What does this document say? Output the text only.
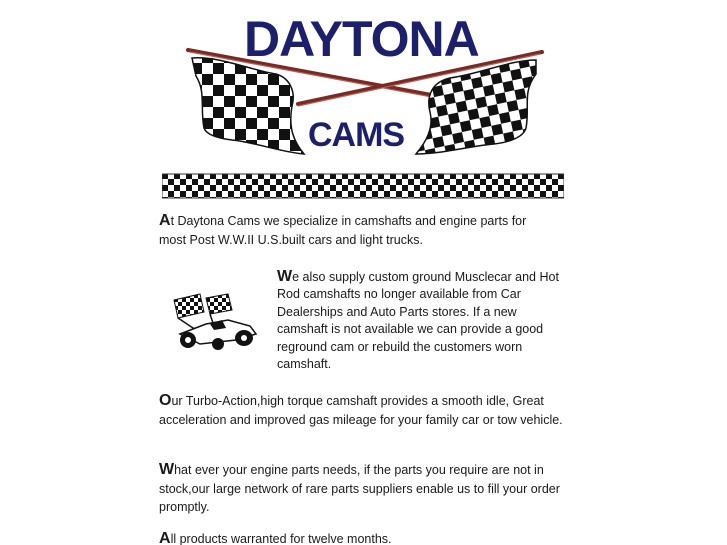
DAYTONA
CAMS
At Daytona Cams we specialize in camshafts and engine parts for most Post W.W.II U.S.built cars and light trucks.
We also supply custom ground Musclecar and Hot Rod camshafts no longer available from Car Dealerships and Auto Parts stores. If a new camshaft is not available we can provide a good reground cam or rebuild the customers worn camshaft.
Our Turbo-Action,high torque camshaft provides a smooth idle, Great acceleration and improved gas mileage for your family car or tow vehicle.
What ever your engine parts needs, if the parts you require are not in stock,our large network of rare parts suppliers enable us to fill your order promptly.
All products warranted for twelve months.
